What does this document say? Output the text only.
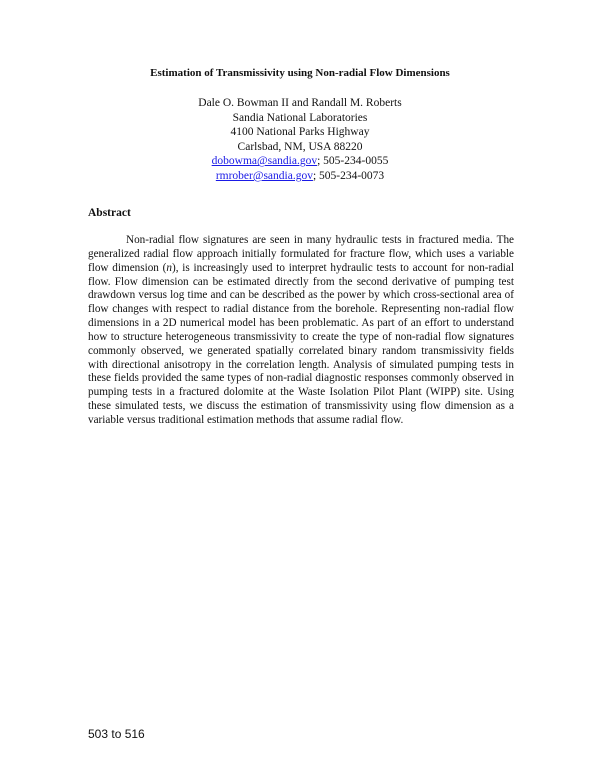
Estimation of Transmissivity using Non-radial Flow Dimensions
Dale O. Bowman II and Randall M. Roberts
Sandia National Laboratories
4100 National Parks Highway
Carlsbad, NM, USA 88220
dobowma@sandia.gov; 505-234-0055
rmrober@sandia.gov; 505-234-0073
Abstract

Non-radial flow signatures are seen in many hydraulic tests in fractured media. The generalized radial flow approach initially formulated for fracture flow, which uses a variable flow dimension (n), is increasingly used to interpret hydraulic tests to account for non-radial flow. Flow dimension can be estimated directly from the second derivative of pumping test drawdown versus log time and can be described as the power by which cross-sectional area of flow changes with respect to radial distance from the borehole. Representing non-radial flow dimensions in a 2D numerical model has been problematic. As part of an effort to understand how to structure heterogeneous transmissivity to create the type of non-radial flow signatures commonly observed, we generated spatially correlated binary random transmissivity fields with directional anisotropy in the correlation length. Analysis of simulated pumping tests in these fields provided the same types of non-radial diagnostic responses commonly observed in pumping tests in a fractured dolomite at the Waste Isolation Pilot Plant (WIPP) site. Using these simulated tests, we discuss the estimation of transmissivity using flow dimension as a variable versus traditional estimation methods that assume radial flow.

503 to 516
